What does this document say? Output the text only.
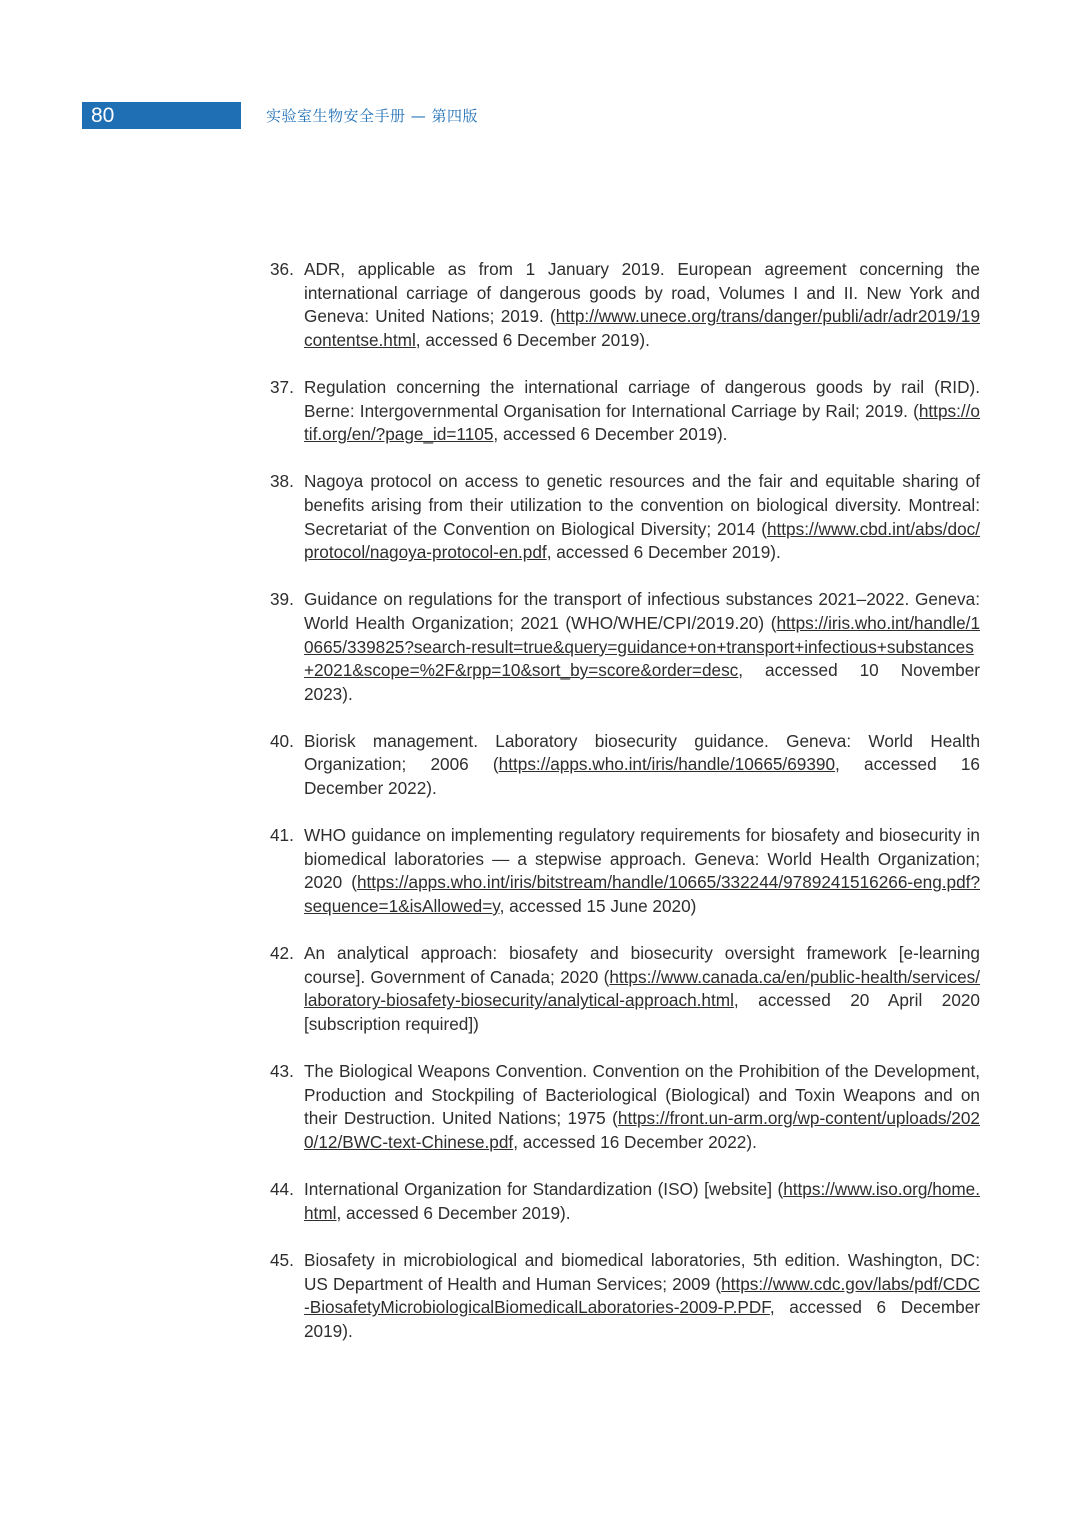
80	实验室生物安全手册 — 第四版
36. ADR, applicable as from 1 January 2019. European agreement concerning the international carriage of dangerous goods by road, Volumes I and II. New York and Geneva: United Nations; 2019. (http://www.unece.org/trans/danger/publi/adr/adr2019/19contentse.html, accessed 6 December 2019).
37. Regulation concerning the international carriage of dangerous goods by rail (RID). Berne: Intergovernmental Organisation for International Carriage by Rail; 2019. (https://otif.org/en/?page_id=1105, accessed 6 December 2019).
38. Nagoya protocol on access to genetic resources and the fair and equitable sharing of benefits arising from their utilization to the convention on biological diversity. Montreal: Secretariat of the Convention on Biological Diversity; 2014 (https://www.cbd.int/abs/doc/protocol/nagoya-protocol-en.pdf, accessed 6 December 2019).
39. Guidance on regulations for the transport of infectious substances 2021–2022. Geneva: World Health Organization; 2021 (WHO/WHE/CPI/2019.20) (https://iris.who.int/handle/10665/339825?search-result=true&query=guidance+on+transport+infectious+substances+2021&scope=%2F&rpp=10&sort_by=score&order=desc, accessed 10 November 2023).
40. Biorisk management. Laboratory biosecurity guidance. Geneva: World Health Organization; 2006 (https://apps.who.int/iris/handle/10665/69390, accessed 16 December 2022).
41. WHO guidance on implementing regulatory requirements for biosafety and biosecurity in biomedical laboratories — a stepwise approach. Geneva: World Health Organization; 2020 (https://apps.who.int/iris/bitstream/handle/10665/332244/9789241516266-eng.pdf?sequence=1&isAllowed=y, accessed 15 June 2020)
42. An analytical approach: biosafety and biosecurity oversight framework [e-learning course]. Government of Canada; 2020 (https://www.canada.ca/en/public-health/services/laboratory-biosafety-biosecurity/analytical-approach.html, accessed 20 April 2020 [subscription required])
43. The Biological Weapons Convention. Convention on the Prohibition of the Development, Production and Stockpiling of Bacteriological (Biological) and Toxin Weapons and on their Destruction. United Nations; 1975 (https://front.un-arm.org/wp-content/uploads/2020/12/BWC-text-Chinese.pdf, accessed 16 December 2022).
44. International Organization for Standardization (ISO) [website] (https://www.iso.org/home.html, accessed 6 December 2019).
45. Biosafety in microbiological and biomedical laboratories, 5th edition. Washington, DC: US Department of Health and Human Services; 2009 (https://www.cdc.gov/labs/pdf/CDC-BiosafetyMicrobiologicalBiomedicalLaboratories-2009-P.PDF, accessed 6 December 2019).
